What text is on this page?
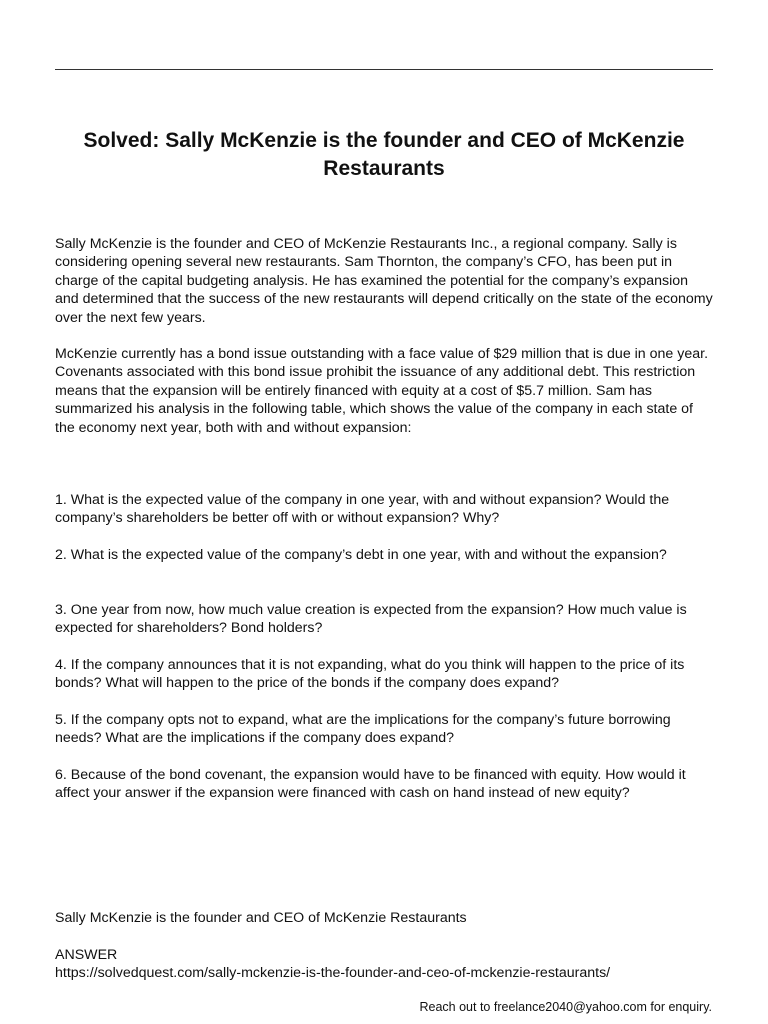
Solved: Sally McKenzie is the founder and CEO of McKenzie Restaurants

Sally McKenzie is the founder and CEO of McKenzie Restaurants Inc., a regional company. Sally is considering opening several new restaurants. Sam Thornton, the company’s CFO, has been put in charge of the capital budgeting analysis. He has examined the potential for the company’s expansion and determined that the success of the new restaurants will depend critically on the state of the economy over the next few years.

McKenzie currently has a bond issue outstanding with a face value of $29 million that is due in one year. Covenants associated with this bond issue prohibit the issuance of any additional debt. This restriction means that the expansion will be entirely financed with equity at a cost of $5.7 million. Sam has summarized his analysis in the following table, which shows the value of the company in each state of the economy next year, both with and without expansion:

1. What is the expected value of the company in one year, with and without expansion? Would the company’s shareholders be better off with or without expansion? Why?

2. What is the expected value of the company’s debt in one year, with and without the expansion?

3. One year from now, how much value creation is expected from the expansion? How much value is expected for shareholders? Bond holders?

4. If the company announces that it is not expanding, what do you think will happen to the price of its bonds? What will happen to the price of the bonds if the company does expand?

5. If the company opts not to expand, what are the implications for the company’s future borrowing needs? What are the implications if the company does expand?

6. Because of the bond covenant, the expansion would have to be financed with equity. How would it affect your answer if the expansion were financed with cash on hand instead of new equity?

Sally McKenzie is the founder and CEO of McKenzie Restaurants

ANSWER

https://solvedquest.com/sally-mckenzie-is-the-founder-and-ceo-of-mckenzie-restaurants/

Reach out to freelance2040@yahoo.com for enquiry.
